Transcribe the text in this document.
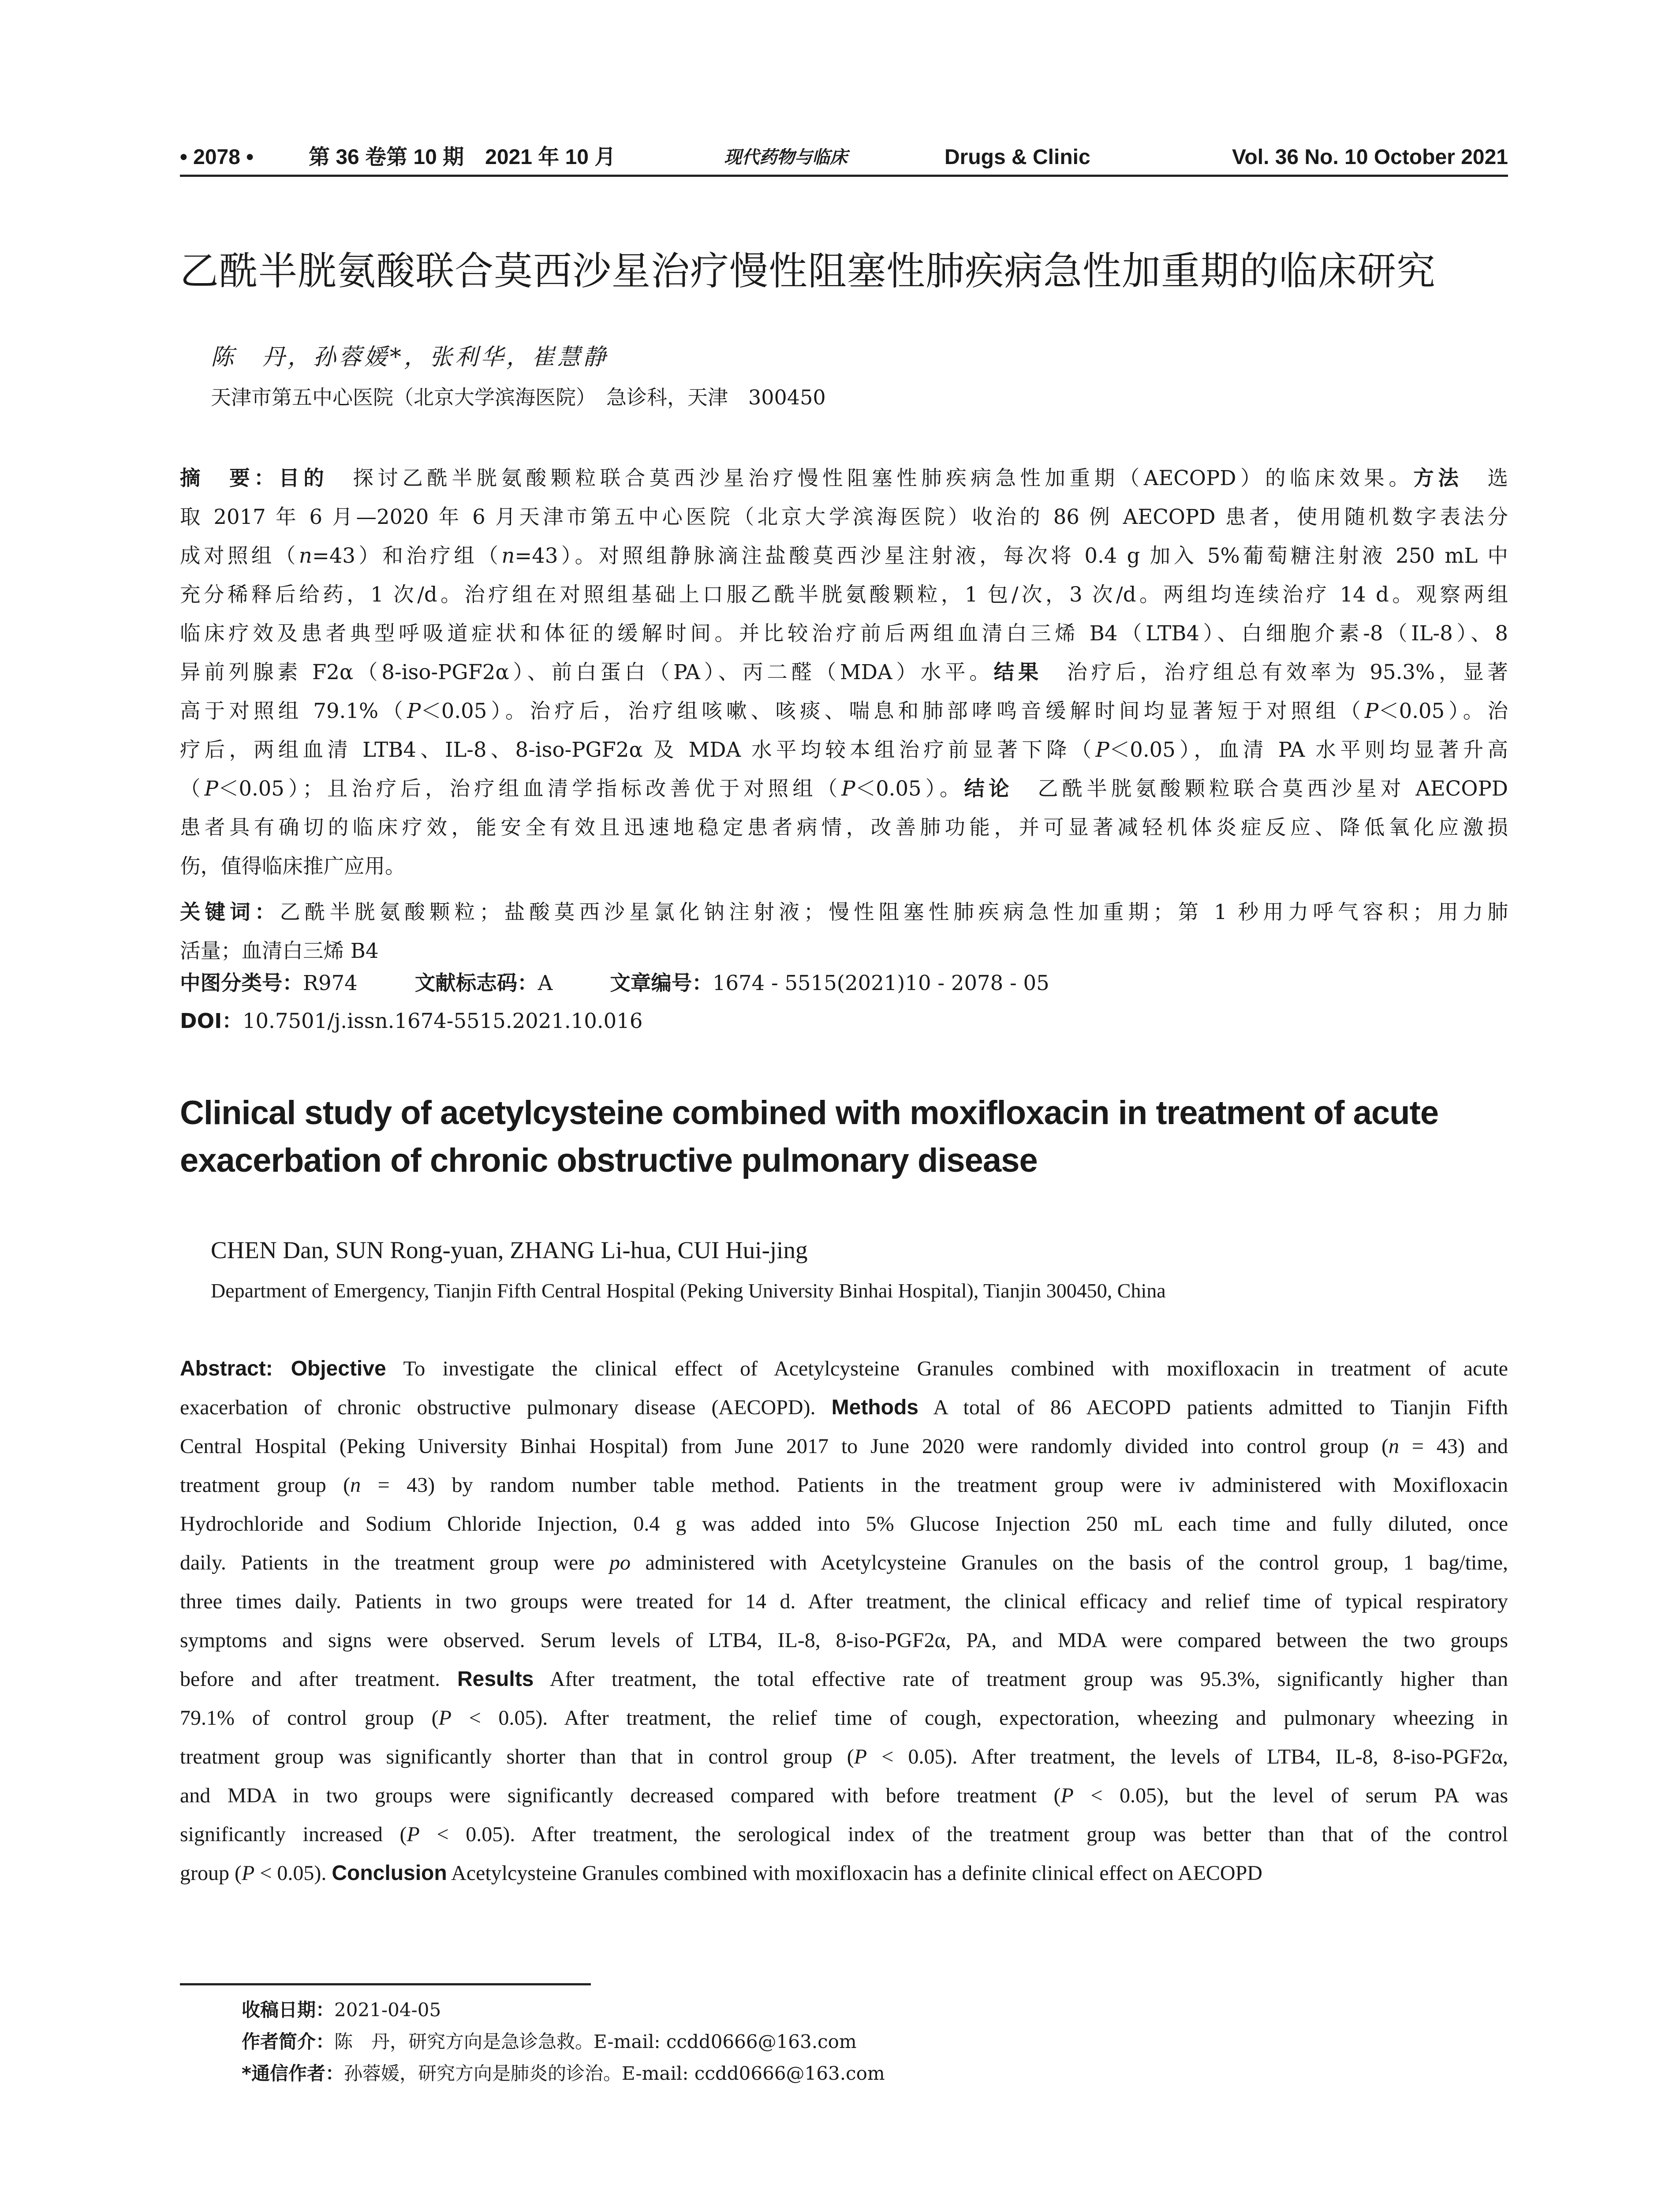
• 2078 •	第 36 卷第 10 期　2021 年 10 月	现代药物与临床	Drugs & Clinic	Vol. 36 No. 10 October 2021
乙酰半胱氨酸联合莫西沙星治疗慢性阻塞性肺疾病急性加重期的临床研究
陈　丹，孙蓉媛*，张利华，崔慧静
天津市第五中心医院（北京大学滨海医院）　急诊科，天津　300450
摘　要：目的　探讨乙酰半胱氨酸颗粒联合莫西沙星治疗慢性阻塞性肺疾病急性加重期（AECOPD）的临床效果。方法　选
取 2017 年 6 月—2020 年 6 月天津市第五中心医院（北京大学滨海医院）收治的 86 例 AECOPD 患者，使用随机数字表法分
成对照组（n=43）和治疗组（n=43）。对照组静脉滴注盐酸莫西沙星注射液，每次将 0.4 g 加入 5%葡萄糖注射液 250 mL 中
充分稀释后给药，1 次/d。治疗组在对照组基础上口服乙酰半胱氨酸颗粒，1 包/次，3 次/d。两组均连续治疗 14 d。观察两组
临床疗效及患者典型呼吸道症状和体征的缓解时间。并比较治疗前后两组血清白三烯 B4（LTB4）、白细胞介素-8（IL-8）、8
异前列腺素 F2α（8-iso-PGF2α）、前白蛋白（PA）、丙二醛（MDA）水平。结果　治疗后，治疗组总有效率为 95.3%，显著
高于对照组 79.1%（P＜0.05）。治疗后，治疗组咳嗽、咳痰、喘息和肺部哮鸣音缓解时间均显著短于对照组（P＜0.05）。治
疗后，两组血清 LTB4、IL-8、8-iso-PGF2α 及 MDA 水平均较本组治疗前显著下降（P＜0.05），血清 PA 水平则均显著升高
（P＜0.05）；且治疗后，治疗组血清学指标改善优于对照组（P＜0.05）。结论　乙酰半胱氨酸颗粒联合莫西沙星对 AECOPD
患者具有确切的临床疗效，能安全有效且迅速地稳定患者病情，改善肺功能，并可显著减轻机体炎症反应、降低氧化应激损
伤，值得临床推广应用。
关键词：乙酰半胱氨酸颗粒；盐酸莫西沙星氯化钠注射液；慢性阻塞性肺疾病急性加重期；第 1 秒用力呼气容积；用力肺
活量；血清白三烯 B4
中图分类号：R974	文献标志码：A	文章编号：1674 - 5515(2021)10 - 2078 - 05
DOI：10.7501/j.issn.1674-5515.2021.10.016
Clinical study of acetylcysteine combined with moxifloxacin in treatment of acute
exacerbation of chronic obstructive pulmonary disease
CHEN Dan, SUN Rong-yuan, ZHANG Li-hua, CUI Hui-jing
Department of Emergency, Tianjin Fifth Central Hospital (Peking University Binhai Hospital), Tianjin 300450, China
Abstract: Objective To investigate the clinical effect of Acetylcysteine Granules combined with moxifloxacin in treatment of acute
exacerbation of chronic obstructive pulmonary disease (AECOPD). Methods A total of 86 AECOPD patients admitted to Tianjin Fifth
Central Hospital (Peking University Binhai Hospital) from June 2017 to June 2020 were randomly divided into control group (n = 43) and
treatment group (n = 43) by random number table method. Patients in the treatment group were iv administered with Moxifloxacin
Hydrochloride and Sodium Chloride Injection, 0.4 g was added into 5% Glucose Injection 250 mL each time and fully diluted, once
daily. Patients in the treatment group were po administered with Acetylcysteine Granules on the basis of the control group, 1 bag/time,
three times daily. Patients in two groups were treated for 14 d. After treatment, the clinical efficacy and relief time of typical respiratory
symptoms and signs were observed. Serum levels of LTB4, IL-8, 8-iso-PGF2α, PA, and MDA were compared between the two groups
before and after treatment. Results After treatment, the total effective rate of treatment group was 95.3%, significantly higher than
79.1% of control group (P < 0.05). After treatment, the relief time of cough, expectoration, wheezing and pulmonary wheezing in
treatment group was significantly shorter than that in control group (P < 0.05). After treatment, the levels of LTB4, IL-8, 8-iso-PGF2α,
and MDA in two groups were significantly decreased compared with before treatment (P < 0.05), but the level of serum PA was
significantly increased (P < 0.05). After treatment, the serological index of the treatment group was better than that of the control
group (P < 0.05). Conclusion Acetylcysteine Granules combined with moxifloxacin has a definite clinical effect on AECOPD
收稿日期：2021-04-05
作者简介：陈　丹，研究方向是急诊急救。E-mail: ccdd0666@163.com
*通信作者：孙蓉媛，研究方向是肺炎的诊治。E-mail: ccdd0666@163.com
